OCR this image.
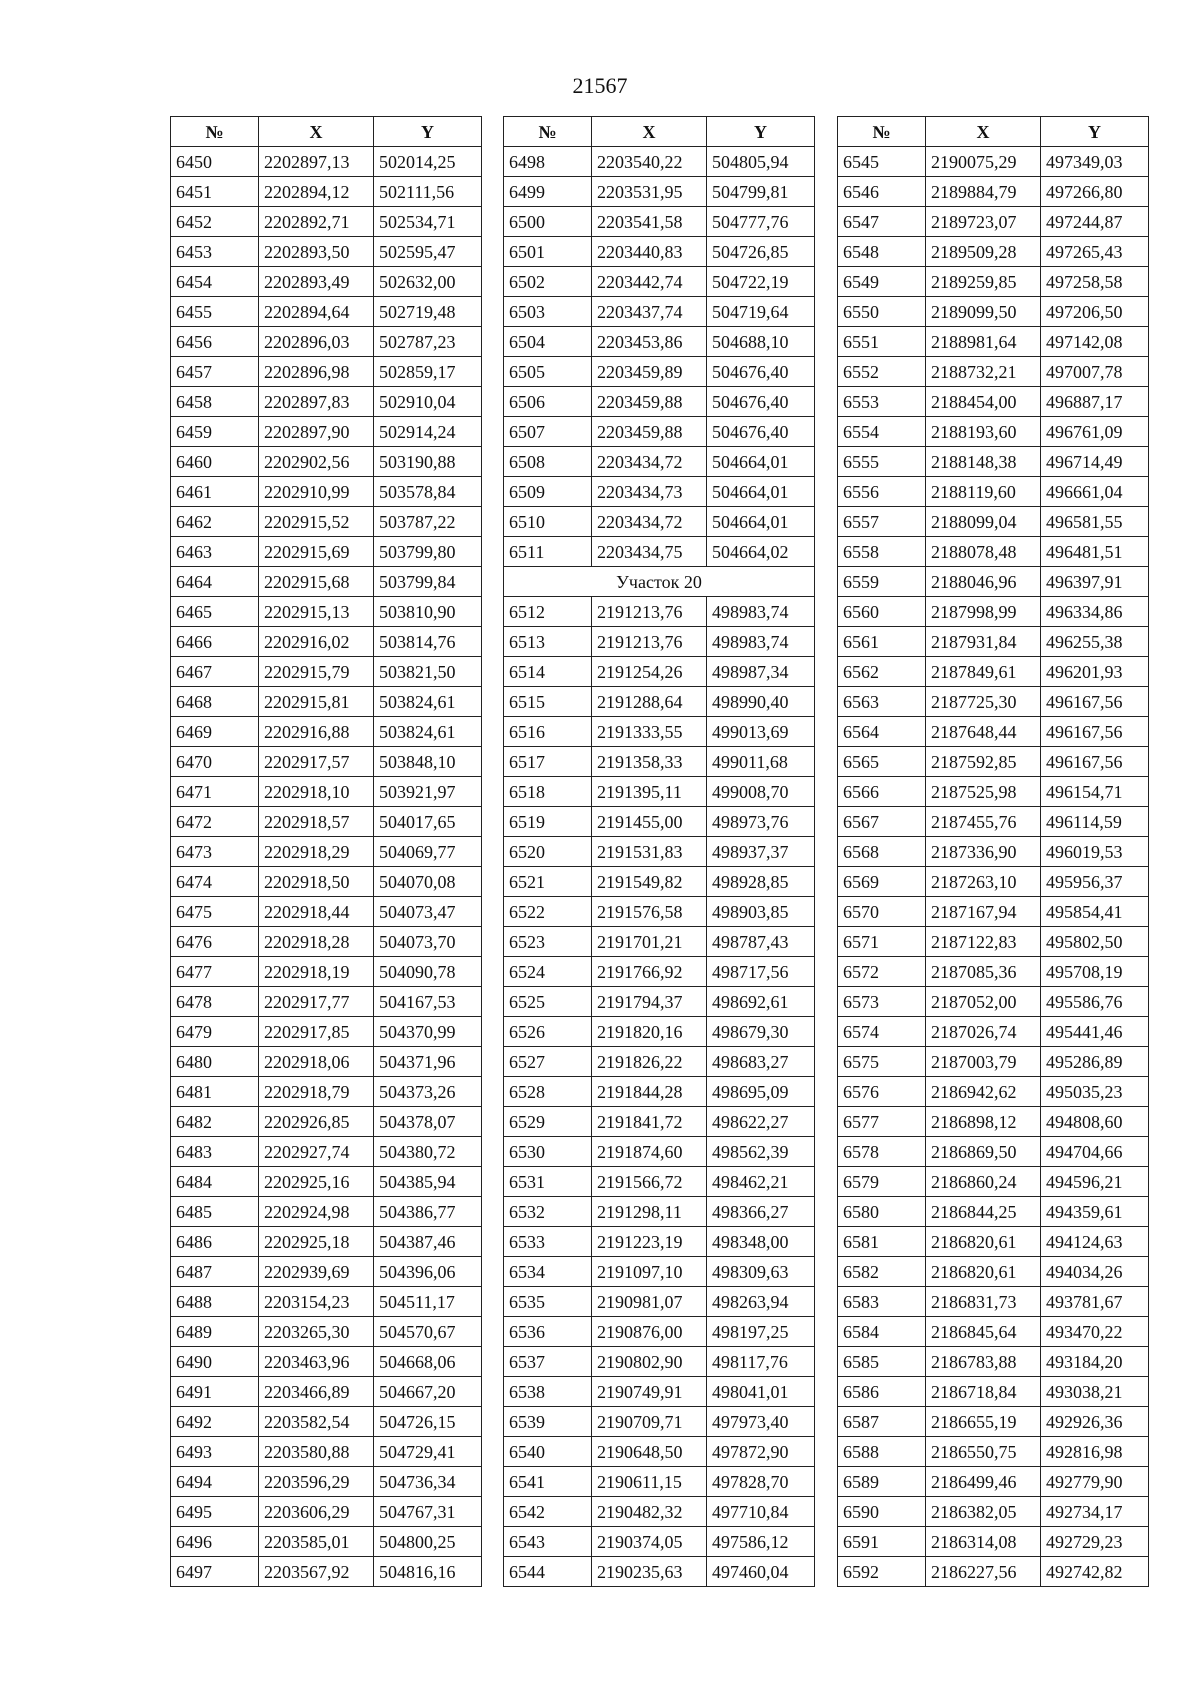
21567
№	X	Y
6450	2202897,13	502014,25
6451	2202894,12	502111,56
6452	2202892,71	502534,71
6453	2202893,50	502595,47
6454	2202893,49	502632,00
6455	2202894,64	502719,48
6456	2202896,03	502787,23
6457	2202896,98	502859,17
6458	2202897,83	502910,04
6459	2202897,90	502914,24
6460	2202902,56	503190,88
6461	2202910,99	503578,84
6462	2202915,52	503787,22
6463	2202915,69	503799,80
6464	2202915,68	503799,84
6465	2202915,13	503810,90
6466	2202916,02	503814,76
6467	2202915,79	503821,50
6468	2202915,81	503824,61
6469	2202916,88	503824,61
6470	2202917,57	503848,10
6471	2202918,10	503921,97
6472	2202918,57	504017,65
6473	2202918,29	504069,77
6474	2202918,50	504070,08
6475	2202918,44	504073,47
6476	2202918,28	504073,70
6477	2202918,19	504090,78
6478	2202917,77	504167,53
6479	2202917,85	504370,99
6480	2202918,06	504371,96
6481	2202918,79	504373,26
6482	2202926,85	504378,07
6483	2202927,74	504380,72
6484	2202925,16	504385,94
6485	2202924,98	504386,77
6486	2202925,18	504387,46
6487	2202939,69	504396,06
6488	2203154,23	504511,17
6489	2203265,30	504570,67
6490	2203463,96	504668,06
6491	2203466,89	504667,20
6492	2203582,54	504726,15
6493	2203580,88	504729,41
6494	2203596,29	504736,34
6495	2203606,29	504767,31
6496	2203585,01	504800,25
6497	2203567,92	504816,16
№	X	Y
6498	2203540,22	504805,94
6499	2203531,95	504799,81
6500	2203541,58	504777,76
6501	2203440,83	504726,85
6502	2203442,74	504722,19
6503	2203437,74	504719,64
6504	2203453,86	504688,10
6505	2203459,89	504676,40
6506	2203459,88	504676,40
6507	2203459,88	504676,40
6508	2203434,72	504664,01
6509	2203434,73	504664,01
6510	2203434,72	504664,01
6511	2203434,75	504664,02
Участок 20		
6512	2191213,76	498983,74
6513	2191213,76	498983,74
6514	2191254,26	498987,34
6515	2191288,64	498990,40
6516	2191333,55	499013,69
6517	2191358,33	499011,68
6518	2191395,11	499008,70
6519	2191455,00	498973,76
6520	2191531,83	498937,37
6521	2191549,82	498928,85
6522	2191576,58	498903,85
6523	2191701,21	498787,43
6524	2191766,92	498717,56
6525	2191794,37	498692,61
6526	2191820,16	498679,30
6527	2191826,22	498683,27
6528	2191844,28	498695,09
6529	2191841,72	498622,27
6530	2191874,60	498562,39
6531	2191566,72	498462,21
6532	2191298,11	498366,27
6533	2191223,19	498348,00
6534	2191097,10	498309,63
6535	2190981,07	498263,94
6536	2190876,00	498197,25
6537	2190802,90	498117,76
6538	2190749,91	498041,01
6539	2190709,71	497973,40
6540	2190648,50	497872,90
6541	2190611,15	497828,70
6542	2190482,32	497710,84
6543	2190374,05	497586,12
6544	2190235,63	497460,04
№	X	Y
6545	2190075,29	497349,03
6546	2189884,79	497266,80
6547	2189723,07	497244,87
6548	2189509,28	497265,43
6549	2189259,85	497258,58
6550	2189099,50	497206,50
6551	2188981,64	497142,08
6552	2188732,21	497007,78
6553	2188454,00	496887,17
6554	2188193,60	496761,09
6555	2188148,38	496714,49
6556	2188119,60	496661,04
6557	2188099,04	496581,55
6558	2188078,48	496481,51
6559	2188046,96	496397,91
6560	2187998,99	496334,86
6561	2187931,84	496255,38
6562	2187849,61	496201,93
6563	2187725,30	496167,56
6564	2187648,44	496167,56
6565	2187592,85	496167,56
6566	2187525,98	496154,71
6567	2187455,76	496114,59
6568	2187336,90	496019,53
6569	2187263,10	495956,37
6570	2187167,94	495854,41
6571	2187122,83	495802,50
6572	2187085,36	495708,19
6573	2187052,00	495586,76
6574	2187026,74	495441,46
6575	2187003,79	495286,89
6576	2186942,62	495035,23
6577	2186898,12	494808,60
6578	2186869,50	494704,66
6579	2186860,24	494596,21
6580	2186844,25	494359,61
6581	2186820,61	494124,63
6582	2186820,61	494034,26
6583	2186831,73	493781,67
6584	2186845,64	493470,22
6585	2186783,88	493184,20
6586	2186718,84	493038,21
6587	2186655,19	492926,36
6588	2186550,75	492816,98
6589	2186499,46	492779,90
6590	2186382,05	492734,17
6591	2186314,08	492729,23
6592	2186227,56	492742,82
